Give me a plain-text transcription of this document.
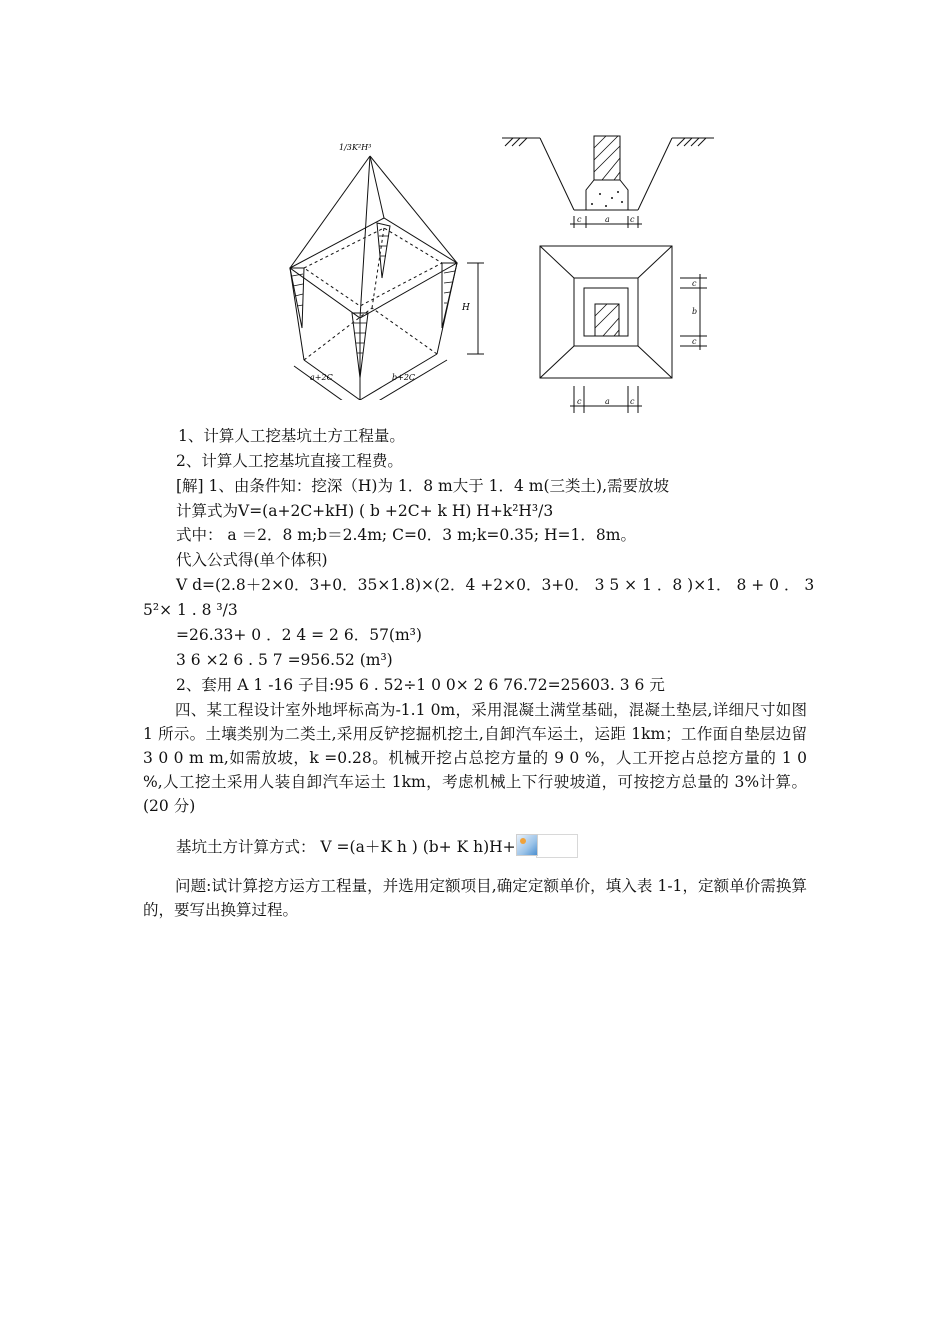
1/3 K²H³
H
a+2C	b+2C
c	a	c
c	a	c
c
b
c
1、计算人工挖基坑土方工程量。
2、计算人工挖基坑直接工程费。
[解] 1、由条件知：挖深（H)为 1．8 m大于 1．4 m(三类土),需要放坡
计算式为V=(a+2C+kH) ( b +2C+ k H) H+k²H³/3
式中： a ＝2．8 m;b＝2.4m; C=0．3 m;k=0.35; H=1．8m。
代入公式得(单个体积)
V d=(2.8＋2×0．3+0．35×1.8)×(2．4 +2×0．3+0． 3 5 × 1 ．8 )×1． 8 + 0 ． 3
5²× 1 . 8 ³/3
=26.33+ 0 ．2 4 = 2 6．57(m³)
3 6 ×2 6 . 5 7 =956.52 (m³)
2、套用 A 1 -16 子目:95 6 . 52÷1 0 0× 2 6 76.72=25603. 3 6 元
四、某工程设计室外地坪标高为-1.1 0m，采用混凝土满堂基础，混凝土垫层,详细尺寸如图 1 所示。土壤类别为二类土,采用反铲挖掘机挖土,自卸汽车运土，运距 1km；工作面自垫层边留 3 0 0 m m,如需放坡，k =0.28。机械开挖占总挖方量的 9 0 %，人工开挖占总挖方量的 1 0 %,人工挖土采用人装自卸汽车运土 1km，考虑机械上下行驶坡道，可按挖方总量的 3%计算。(20 分)
基坑土方计算方式： V =(a＋K h ) (b+ K h)H+
问题:试计算挖方运方工程量，并选用定额项目,确定定额单价，填入表 1-1，定额单价需换算的，要写出换算过程。
